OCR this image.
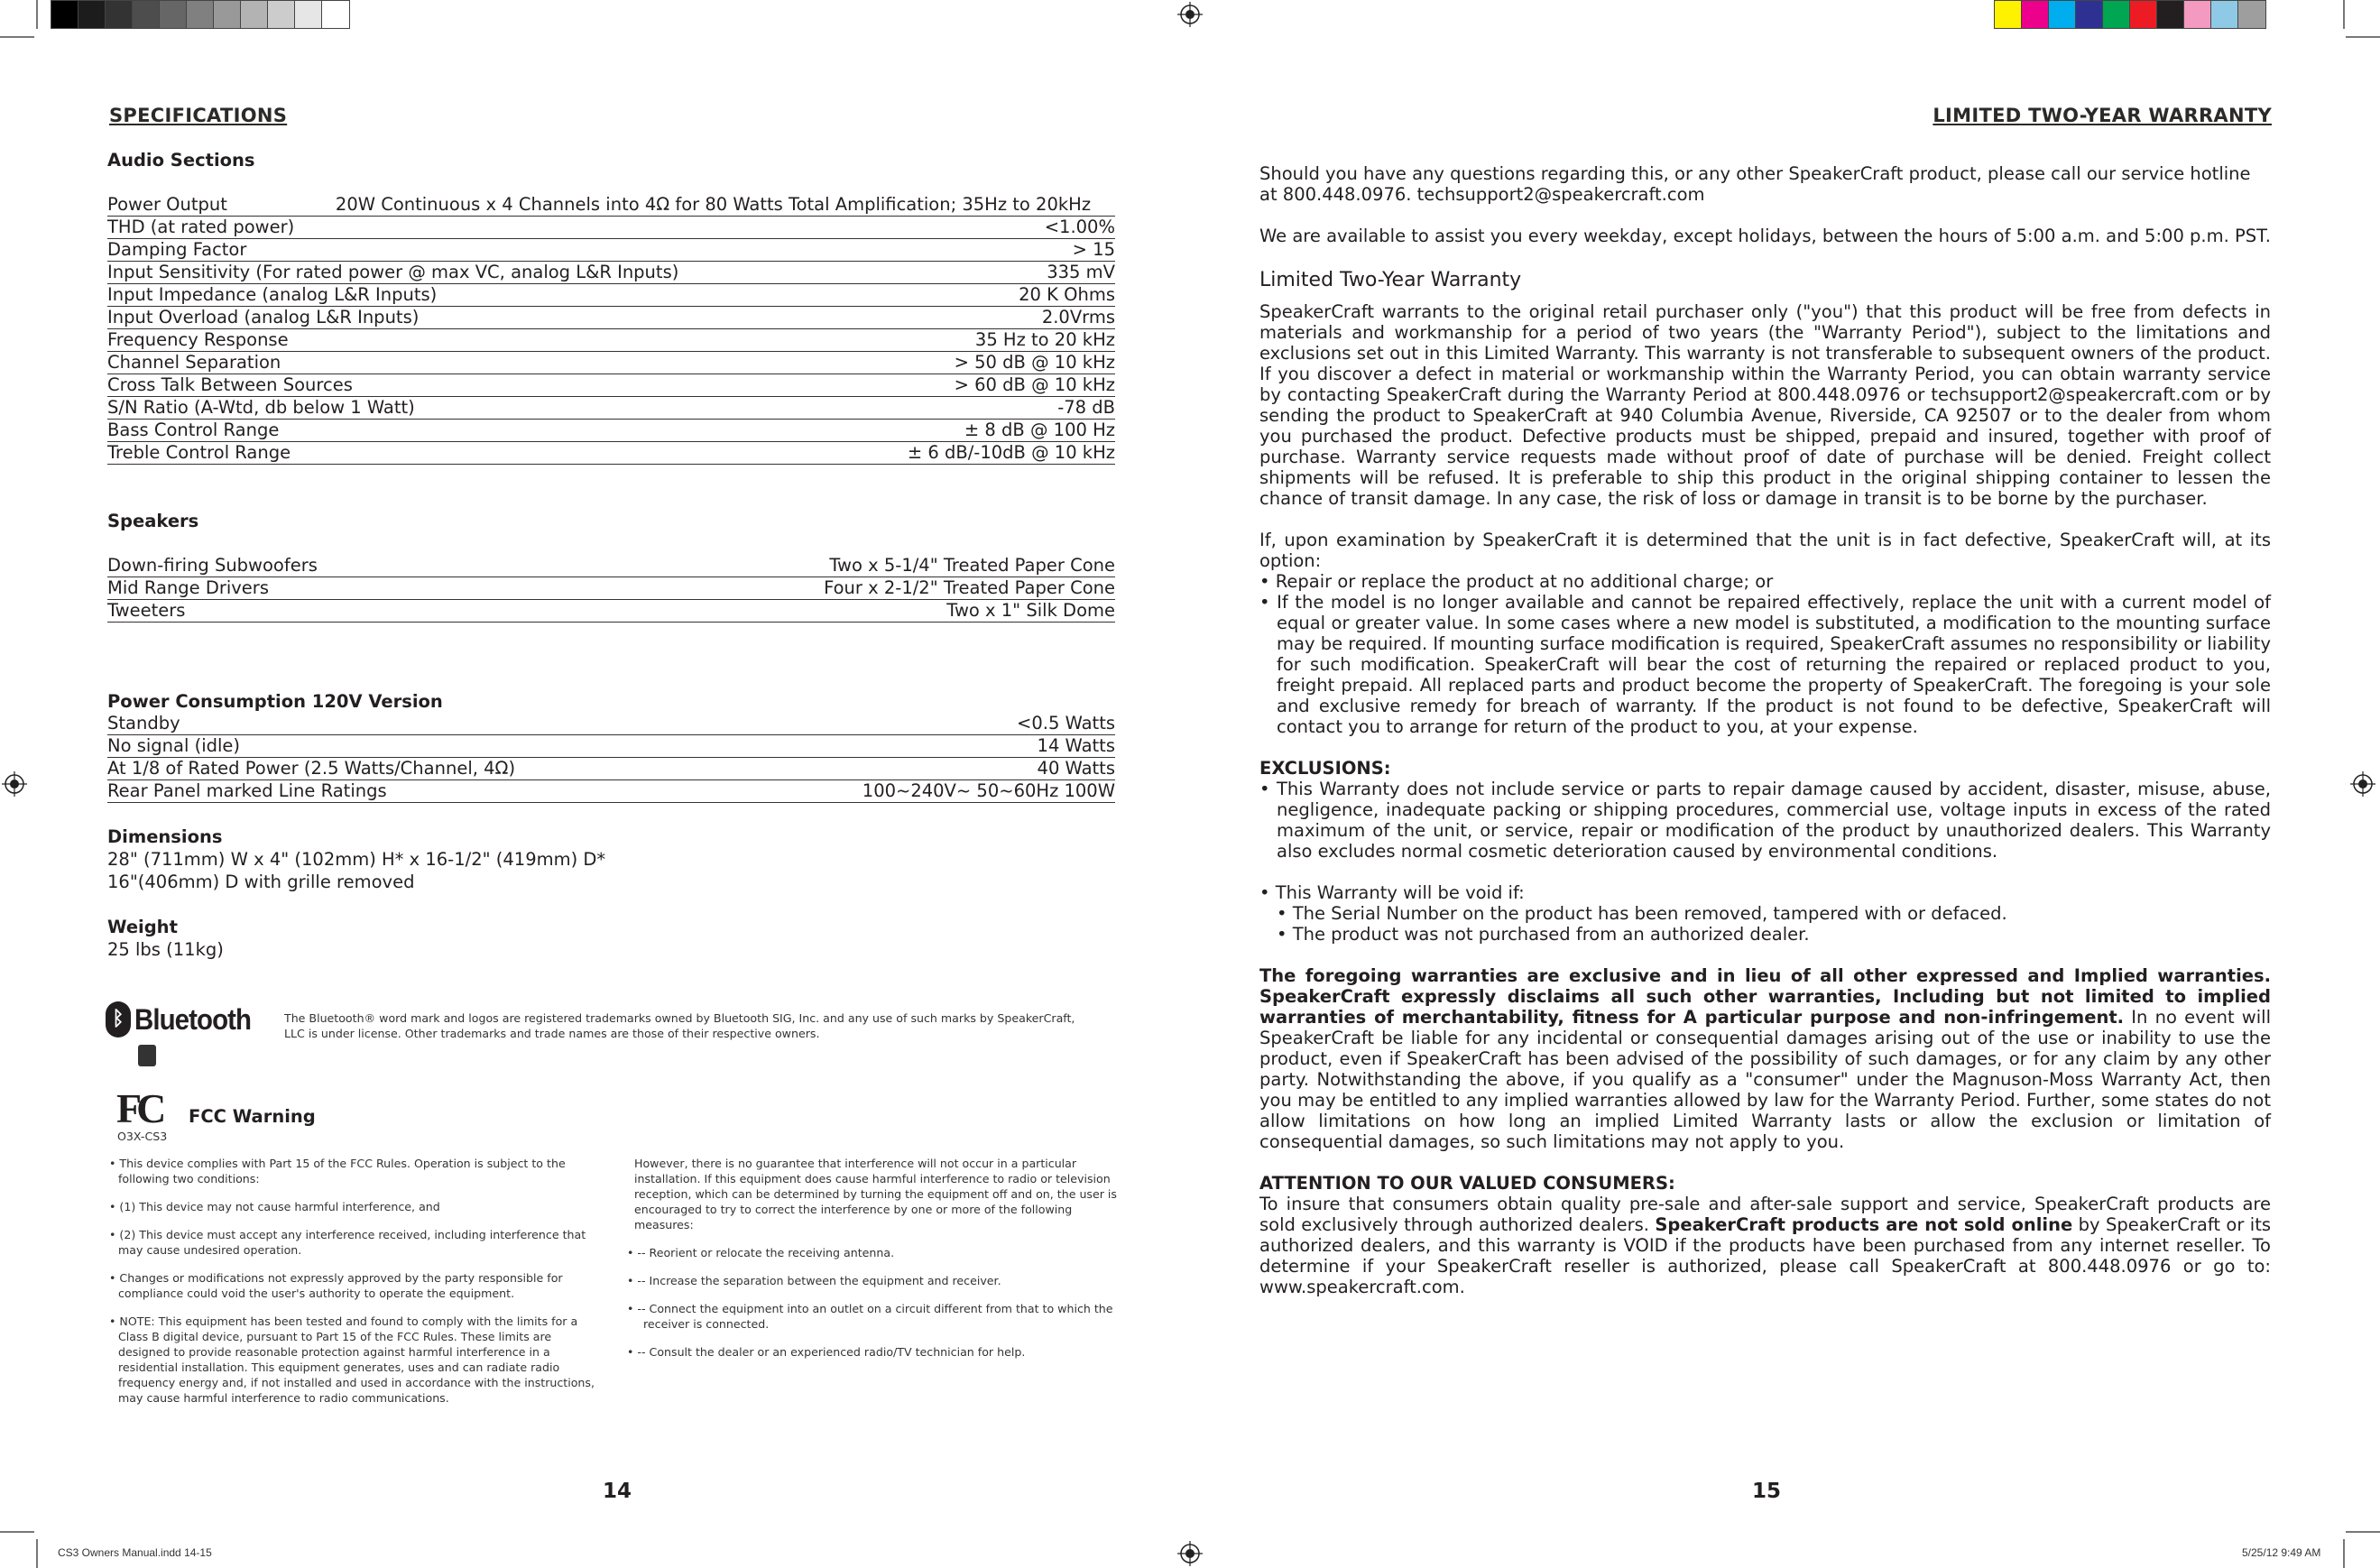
SPECIFICATIONS
Audio Sections
Power Output	20W Continuous x 4 Channels into 4Ω for 80 Watts Total Amplification; 35Hz to 20kHz
THD (at rated power)	<1.00%
Damping Factor	> 15
Input Sensitivity (For rated power @ max VC, analog L&R Inputs)	335 mV
Input Impedance (analog L&R Inputs)	20 K Ohms
Input Overload (analog L&R Inputs)	2.0Vrms
Frequency Response	35 Hz to 20 kHz
Channel Separation	> 50 dB @ 10 kHz
Cross Talk Between Sources	> 60 dB @ 10 kHz
S/N Ratio (A-Wtd, db below 1 Watt)	-78 dB
Bass Control Range	± 8 dB @ 100 Hz
Treble Control Range	± 6 dB/-10dB @ 10 kHz
Speakers
Down-firing Subwoofers	Two x 5-1/4" Treated Paper Cone
Mid Range Drivers	Four x 2-1/2" Treated Paper Cone
Tweeters	Two x 1" Silk Dome
Power Consumption 120V Version
Standby	<0.5 Watts
No signal (idle)	14 Watts
At 1/8 of Rated Power (2.5 Watts/Channel, 4Ω)	40 Watts
Rear Panel marked Line Ratings	100~240V~ 50~60Hz 100W
Dimensions
28" (711mm) W x 4" (102mm) H* x 16-1/2" (419mm) D*
16"(406mm) D with grille removed
Weight
25 lbs (11kg)
ᛒ Bluetooth	The Bluetooth® word mark and logos are registered trademarks owned by Bluetooth SIG, Inc. and any use of such marks by SpeakerCraft, LLC is under license. Other trademarks and trade names are those of their respective owners.
FC
O3X-CS3
FCC Warning

• This device complies with Part 15 of the FCC Rules. Operation is subject to the following two conditions:

• (1) This device may not cause harmful interference, and

• (2) This device must accept any interference received, including interference that may cause undesired operation.

• Changes or modifications not expressly approved by the party responsible for compliance could void the user's authority to operate the equipment.

• NOTE: This equipment has been tested and found to comply with the limits for a Class B digital device, pursuant to Part 15 of the FCC Rules. These limits are designed to provide reasonable protection against harmful interference in a residential installation. This equipment generates, uses and can radiate radio frequency energy and, if not installed and used in accordance with the instructions, may cause harmful interference to radio communications.

However, there is no guarantee that interference will not occur in a particular installation. If this equipment does cause harmful interference to radio or television reception, which can be determined by turning the equipment off and on, the user is encouraged to try to correct the interference by one or more of the following measures:

• -- Reorient or relocate the receiving antenna.

• -- Increase the separation between the equipment and receiver.

• -- Connect the equipment into an outlet on a circuit different from that to which the receiver is connected.

• -- Consult the dealer or an experienced radio/TV technician for help.

14
LIMITED TWO-YEAR WARRANTY

Should you have any questions regarding this, or any other SpeakerCraft product, please call our service hotline at 800.448.0976. techsupport2@speakercraft.com

We are available to assist you every weekday, except holidays, between the hours of 5:00 a.m. and 5:00 p.m. PST.

Limited Two-Year Warranty

SpeakerCraft warrants to the original retail purchaser only ("you") that this product will be free from defects in materials and workmanship for a period of two years (the "Warranty Period"), subject to the limitations and exclusions set out in this Limited Warranty. This warranty is not transferable to subsequent owners of the product. If you discover a defect in material or workmanship within the Warranty Period, you can obtain warranty service by contacting SpeakerCraft during the Warranty Period at 800.448.0976 or techsupport2@speakercraft.com or by sending the product to SpeakerCraft at 940 Columbia Avenue, Riverside, CA 92507 or to the dealer from whom you purchased the product. Defective products must be shipped, prepaid and insured, together with proof of purchase. Warranty service requests made without proof of date of purchase will be denied. Freight collect shipments will be refused. It is preferable to ship this product in the original shipping container to lessen the chance of transit damage. In any case, the risk of loss or damage in transit is to be borne by the purchaser.

If, upon examination by SpeakerCraft it is determined that the unit is in fact defective, SpeakerCraft will, at its option:

• Repair or replace the product at no additional charge; or
• If the model is no longer available and cannot be repaired effectively, replace the unit with a current model of equal or greater value. In some cases where a new model is substituted, a modification to the mounting surface may be required. If mounting surface modification is required, SpeakerCraft assumes no responsibility or liability for such modification. SpeakerCraft will bear the cost of returning the repaired or replaced product to you, freight prepaid. All replaced parts and product become the property of SpeakerCraft. The foregoing is your sole and exclusive remedy for breach of warranty. If the product is not found to be defective, SpeakerCraft will contact you to arrange for return of the product to you, at your expense.
EXCLUSIONS:
• This Warranty does not include service or parts to repair damage caused by accident, disaster, misuse, abuse, negligence, inadequate packing or shipping procedures, commercial use, voltage inputs in excess of the rated maximum of the unit, or service, repair or modification of the product by unauthorized dealers. This Warranty also excludes normal cosmetic deterioration caused by environmental conditions.
• This Warranty will be void if:
• The Serial Number on the product has been removed, tampered with or defaced.
• The product was not purchased from an authorized dealer.

The foregoing warranties are exclusive and in lieu of all other expressed and Implied warranties. SpeakerCraft expressly disclaims all such other warranties, Including but not limited to implied warranties of merchantability, fitness for A particular purpose and non-infringement. In no event will SpeakerCraft be liable for any incidental or consequential damages arising out of the use or inability to use the product, even if SpeakerCraft has been advised of the possibility of such damages, or for any claim by any other party. Notwithstanding the above, if you qualify as a "consumer" under the Magnuson-Moss Warranty Act, then you may be entitled to any implied warranties allowed by law for the Warranty Period. Further, some states do not allow limitations on how long an implied Limited Warranty lasts or allow the exclusion or limitation of consequential damages, so such limitations may not apply to you.

ATTENTION TO OUR VALUED CONSUMERS:

To insure that consumers obtain quality pre-sale and after-sale support and service, SpeakerCraft products are sold exclusively through authorized dealers. SpeakerCraft products are not sold online by SpeakerCraft or its authorized dealers, and this warranty is VOID if the products have been purchased from any internet reseller. To determine if your SpeakerCraft reseller is authorized, please call SpeakerCraft at 800.448.0976 or go to: www.speakercraft.com.

15
CS3 Owners Manual.indd 14-15	5/25/12 9:49 AM
